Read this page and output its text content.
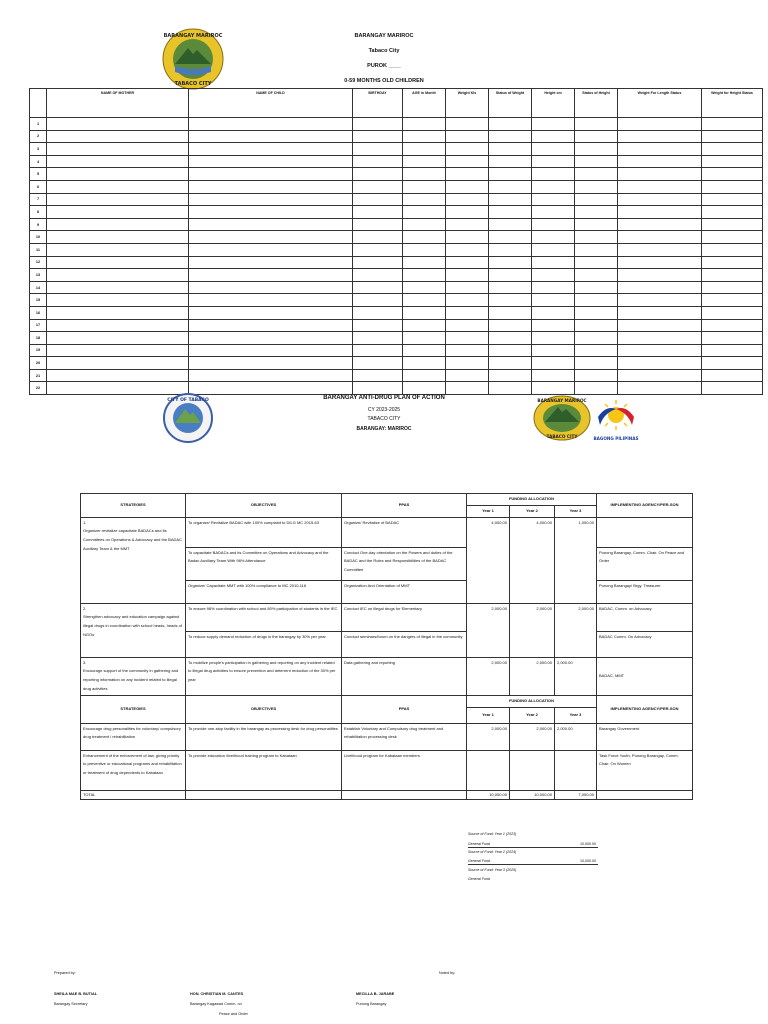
BARANGAY MARIROC
TABACO CITY
BARANGAY MARIROC
Tabaco City
PUROK ____
0-59 MONTHS OLD CHILDREN
	NAME OF MOTHER	NAME OF CHILD	BIRTHDAY	AGE in Month	Weight Kls	Status of Weight	Height cm	Status of Height	Weight For Length Status	Weight for Height Status
1										
2										
3										
4										
5										
6										
7										
8										
9										
10										
11										
12										
13										
14										
15										
16										
17										
18										
19										
20										
21										
22										
CITY OF TABACO	BARANGAY ANTI-DRUG PLAN OF ACTION
CY 2023-2025
TABACO CITY
BARANGAY: MARIROC
BARANGAY MARIROC
TABACO CITY	BAGONG PILIPINAS
STRATEGIES	OBJECTIVES	PPAS	FUNDING ALLOCATION			IMPLEMENTING AGENCY/PER-SON
			Year 1	Year 2	Year 3	
1.
Organizer revitalize capacitate BADACs and its Committees on Operations & Advocacy and the BADAC Auxiliary Team & the MMT	To organize/ Revitalize BADAC with 100% complaint to DILG MC 2015-63	Organize/ Revitalize of BADAC	4,000.00	4,000.00	1,000.00	
	To capacitate BADACs and its Committee on Operations and Advocacy and the Badac Auxiliary Team With 98% Attendance	Conduct One-day orientation on the Powers and duties of the BADAC and the Roles and Responsibilities of the BADAC Committee				Punong Barangay, Comm. Chair. On Peace and Order
	Organize/ Capacitate MMT with 100% compliance to MC 2010-116	Organization And Orientation of MMT				Punong Barangay/ Brgy. Treasurer
2.
Strengthen advocacy and education campaign against illegal drugs in coordination with school heads, heads of NGOs	To ensure 98% coordination with school and 80% participation of students in the IEC	Conduct IEC on illegal drugs for Elementary	2,000.00	2,000.00	2,000.00	BADAC, Comm. on Advocacy
	To reduce supply demand reduction of drugs in the barangay by 30% per year	Conduct seminars/forum on the dangers of illegal in the community				BADAC Comm. On Advocacy
3.
Encourage support of the community in gathering and reporting information on any incident related to illegal drug activities	To mobilize people's participation in gathering and reporting on any incident related to illegal drug activities to ensure prevention and deterrent reduction of the 30% per year	Data gathering and reporting	2,000.00	2,000.00	2,000.00	BADAC, MMT
STRATEGIES	OBJECTIVES	PPAS	FUNDING ALLOCATION			IMPLEMENTING AGENCY/PER-SON
			Year 1	Year 2	Year 3	
Encourage drug personalities for voluntary/ compulsory drug treatment / rehabilitation	To provide one-stop facility in the barangay as processing desk for drug personalities	Establish Voluntary and Compulsory drug treatment and rehabilitation processing desk	2,000.00	2,000.00	2,000.00	Barangay Government
Enhancement of the enforcement of law, giving priority to preventive or educational programs and rehabilitation or treatment of drug dependents to Kabataan	To provide education /livelihood training program to Kabataan	Livelihood program for Kabataan members				Task Force Youth, Punong Barangay, Comm. Chair. On Women
TOTAL			10,000.00	10,000.00	7,000.00	
Source of Fund: Year 1 (2023)
General Fund	10,000.00
Source of Fund: Year 2 (2024)
General Fund	10,000.00
Source of Fund: Year 3 (2025)
General Fund
Prepared by:	Noted by:
SHEILA MAE B. BUTIAL
Barangay Secretary
HON. CHRISTIAN M. CANTES
Barangay Kagawad Comm. on
Peace and Order
MECILLA B. JARABE
Punong Barangay
